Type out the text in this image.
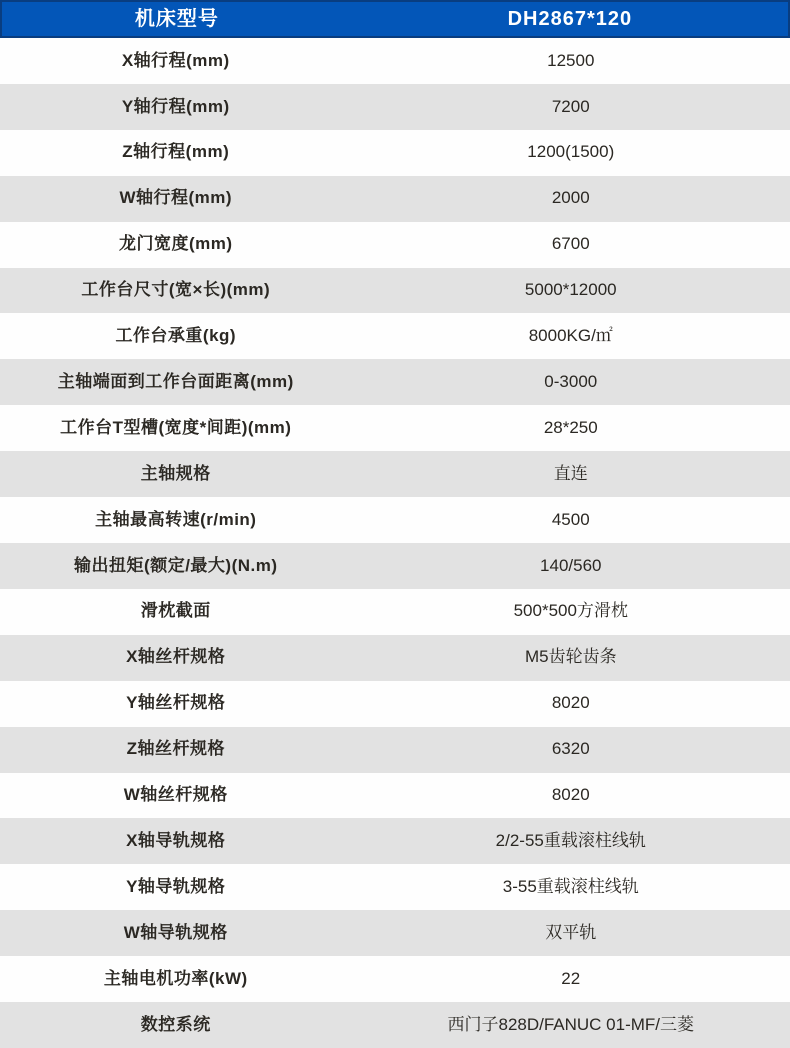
机床型号	DH2867*120
X轴行程(mm)	12500
Y轴行程(mm)	7200
Z轴行程(mm)	1200(1500)
W轴行程(mm)	2000
龙门宽度(mm)	6700
工作台尺寸(宽×长)(mm)	5000*12000
工作台承重(kg)	8000KG/㎡
主轴端面到工作台面距离(mm)	0-3000
工作台T型槽(宽度*间距)(mm)	28*250
主轴规格	直连
主轴最高转速(r/min)	4500
输出扭矩(额定/最大)(N.m)	140/560
滑枕截面	500*500方滑枕
X轴丝杆规格	M5齿轮齿条
Y轴丝杆规格	8020
Z轴丝杆规格	6320
W轴丝杆规格	8020
X轴导轨规格	2/2-55重载滚柱线轨
Y轴导轨规格	3-55重载滚柱线轨
W轴导轨规格	双平轨
主轴电机功率(kW)	22
数控系统	西门子828D/FANUC 01-MF/三菱
